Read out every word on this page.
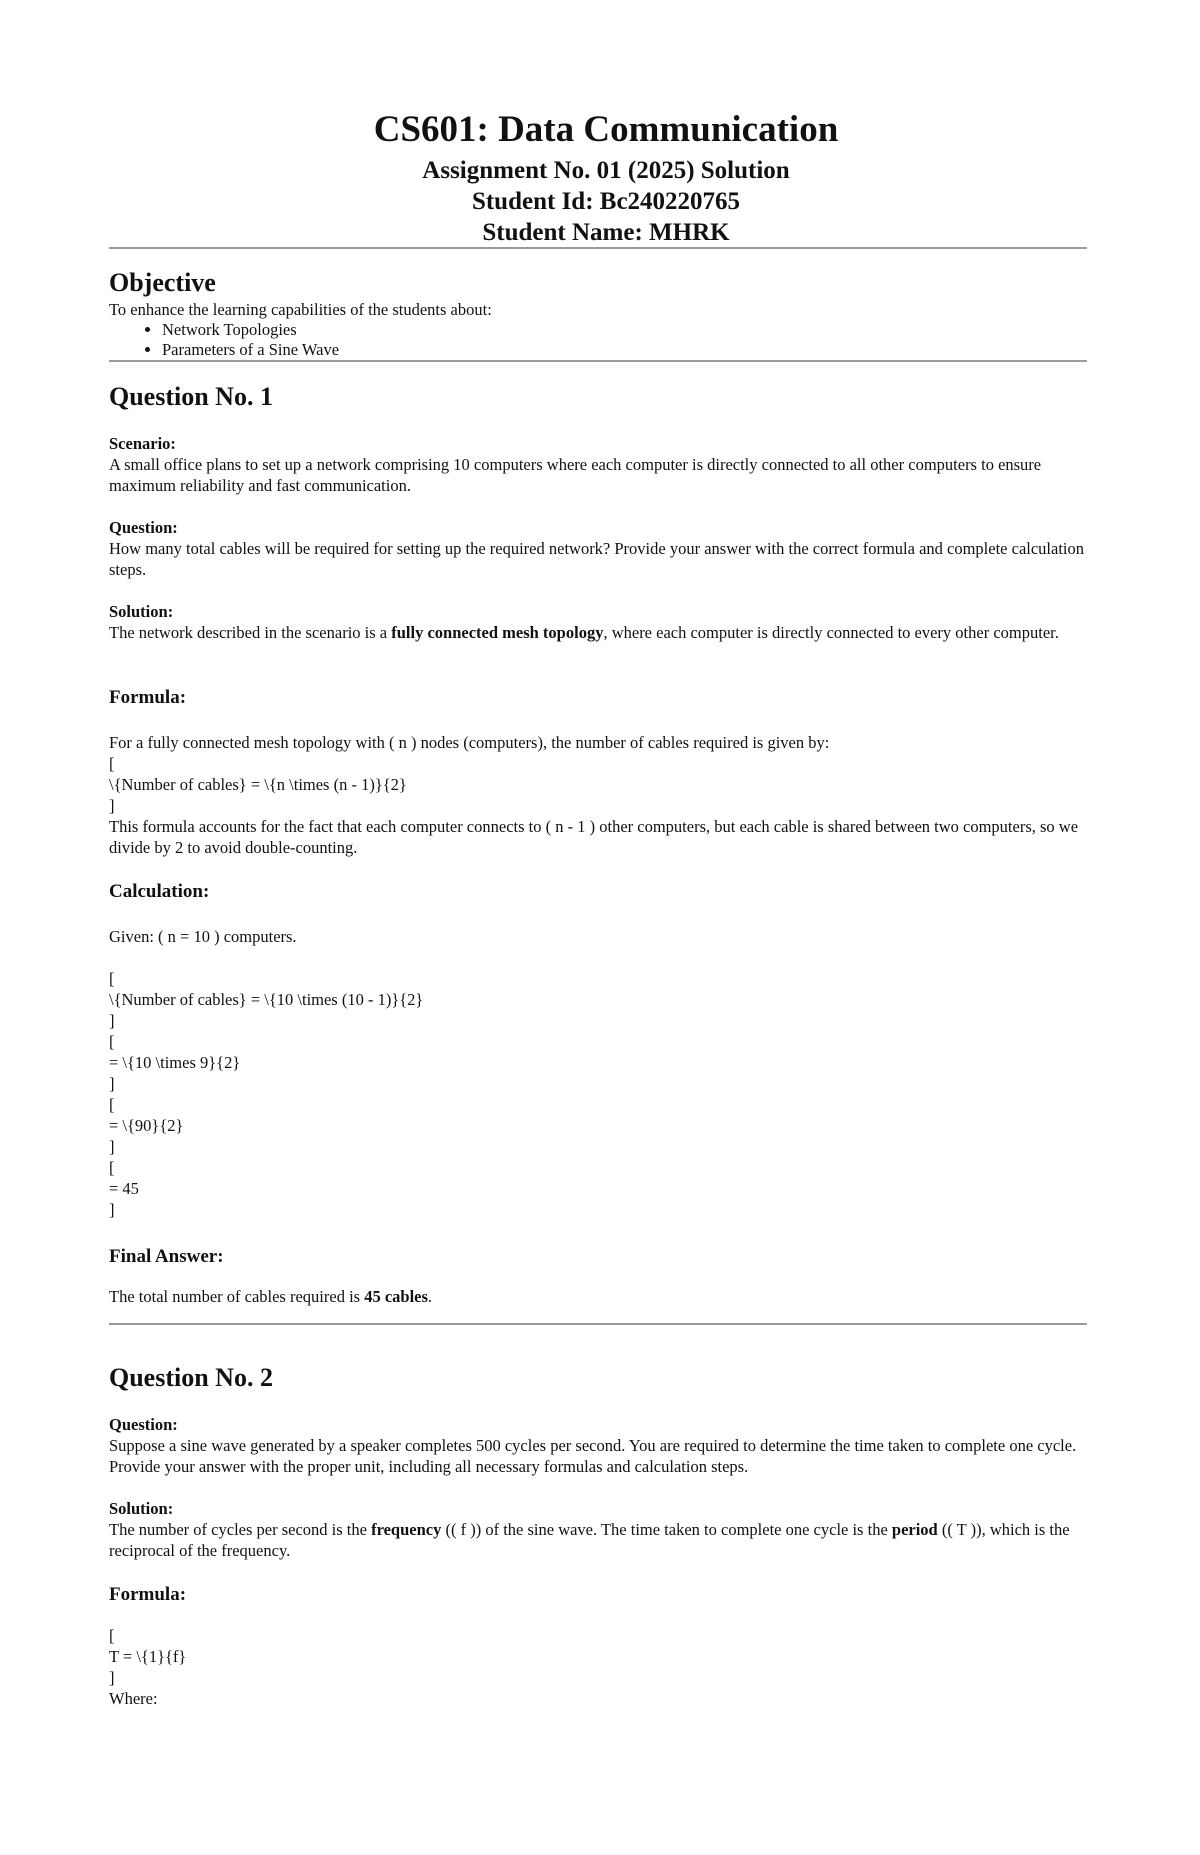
CS601: Data Communication
Assignment No. 01 (2025) Solution
Student Id: Bc240220765
Student Name: MHRK
Objective
To enhance the learning capabilities of the students about:
• Network Topologies
• Parameters of a Sine Wave
Question No. 1
Scenario:
A small office plans to set up a network comprising 10 computers where each computer is directly connected to all other computers to ensure maximum reliability and fast communication.
Question:
How many total cables will be required for setting up the required network? Provide your answer with the correct formula and complete calculation steps.
Solution:
The network described in the scenario is a fully connected mesh topology, where each computer is directly connected to every other computer.
Formula:
For a fully connected mesh topology with ( n ) nodes (computers), the number of cables required is given by:
[
\{Number of cables} = \{n \times (n - 1)}{2}
]
This formula accounts for the fact that each computer connects to ( n - 1 ) other computers, but each cable is shared between two computers, so we divide by 2 to avoid double-counting.
Calculation:
Given: ( n = 10 ) computers.
[
\{Number of cables} = \{10 \times (10 - 1)}{2}
]
[
= \{10 \times 9}{2}
]
[
= \{90}{2}
]
[
= 45
]
Final Answer:
The total number of cables required is 45 cables.
Question No. 2
Question:
Suppose a sine wave generated by a speaker completes 500 cycles per second. You are required to determine the time taken to complete one cycle. Provide your answer with the proper unit, including all necessary formulas and calculation steps.
Solution:
The number of cycles per second is the frequency (( f )) of the sine wave. The time taken to complete one cycle is the period (( T )), which is the reciprocal of the frequency.
Formula:
[
T = \{1}{f}
]
Where:
